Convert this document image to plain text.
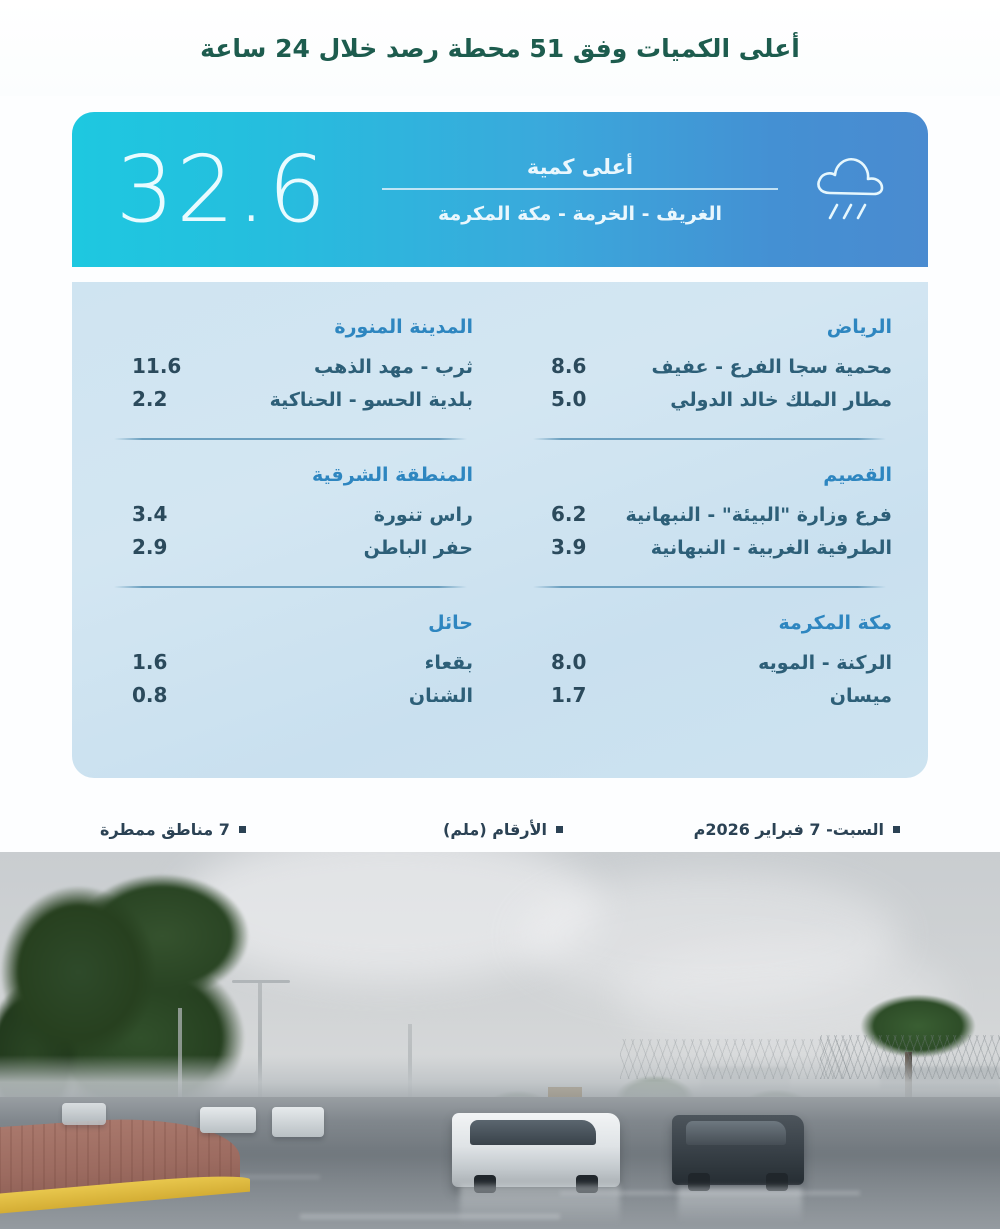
أعلى الكميات وفق 51 محطة رصد خلال 24 ساعة
أعلى كمية
الغريف - الخرمة - مكة المكرمة
32.6
الرياض
محمية سجا الفرع - عفيف
8.6
مطار الملك خالد الدولي
5.0
المدينة المنورة
ثرب - مهد الذهب
11.6
بلدية الحسو - الحناكية
2.2
القصيم
فرع وزارة "البيئة" - النبهانية
6.2
الطرفية الغربية - النبهانية
3.9
المنطقة الشرقية
راس تنورة
3.4
حفر الباطن
2.9
مكة المكرمة
الركنة - المويه
8.0
ميسان
1.7
حائل
بقعاء
1.6
الشنان
0.8
السبت- 7 فبراير 2026م
الأرقام (ملم)
7 مناطق ممطرة
